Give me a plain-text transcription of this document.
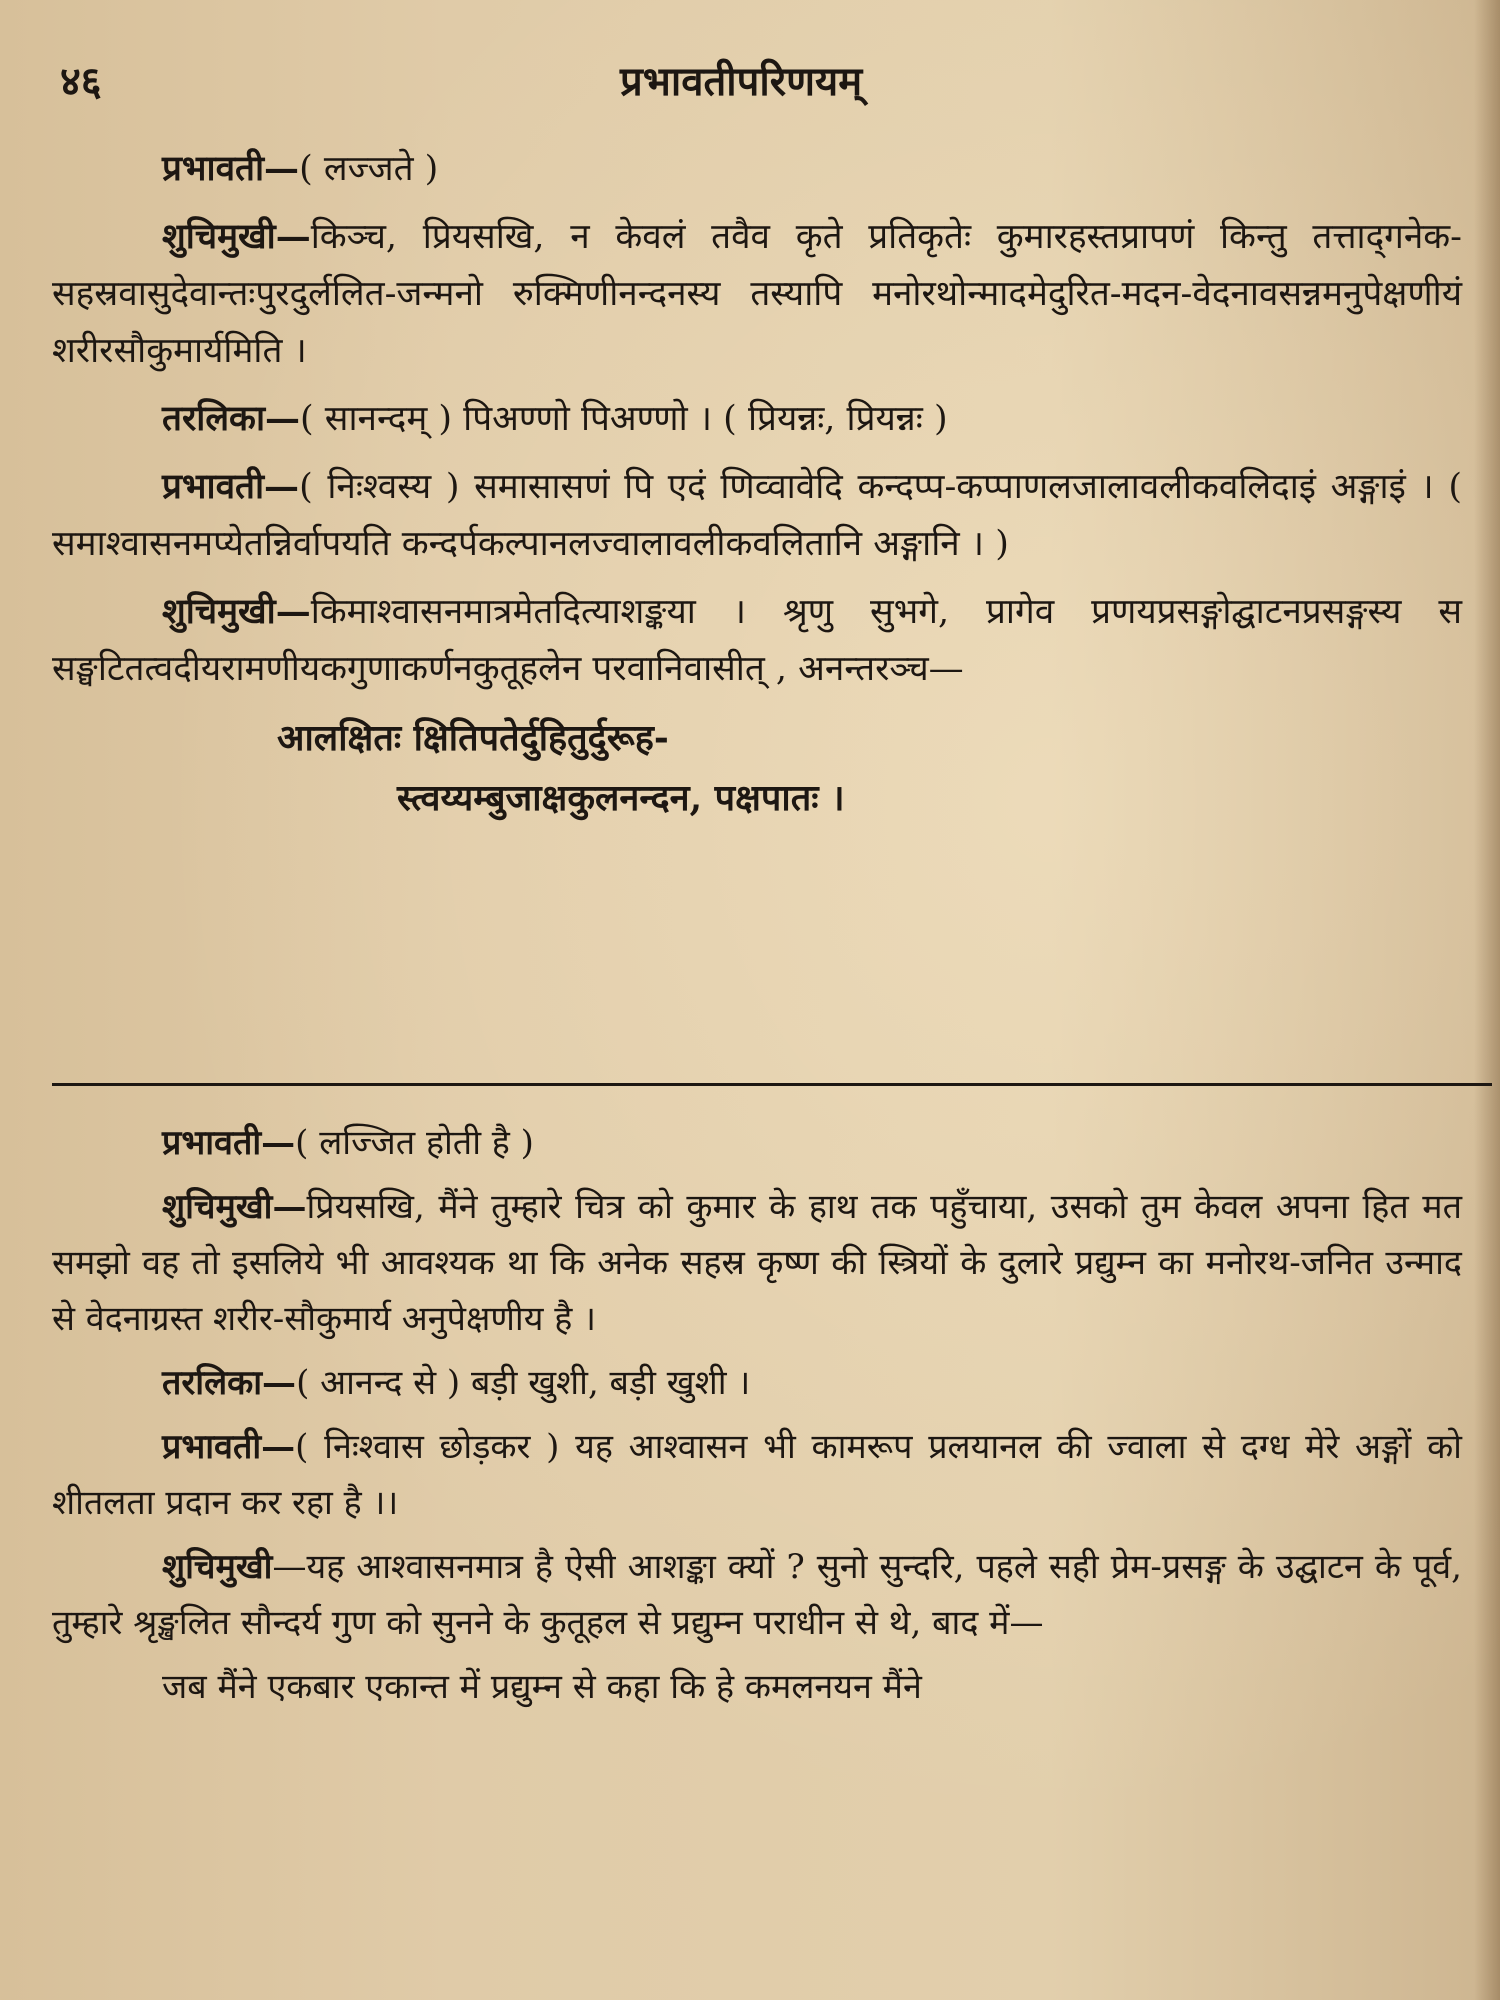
४६	प्रभावतीपरिणयम्

प्रभावती—( लज्जते )

शुचिमुखी—किञ्च, प्रियसखि, न केवलं तवैव कृते प्रतिकृतेः कुमारहस्तप्रापणं किन्तु तत्ताद‍्गनेक-सहस्रवासुदेवान्तःपुरदुर्ललित-जन्मनो रुक्मिणीनन्दनस्य तस्यापि मनोरथोन्मादमेदुरित-मदन-वेदनावसन्नमनुपेक्षणीयं शरीरसौकुमार्यमिति ।

तरलिका—( सानन्दम् ) पिअण्णो पिअण्णो । ( प्रियन्नः, प्रियन्नः )

प्रभावती—( निःश्वस्य ) समासासणं पि एदं णिव्वावेदि कन्दप्प-कप्पाणलजालावलीकवलिदाइं अङ्गाइं । ( समाश्वासनमप्येतन्निर्वापयति कन्दर्पकल्पानलज्वालावलीकवलितानि अङ्गानि । )

शुचिमुखी—किमाश्वासनमात्रमेतदित्याशङ्कया । श्रृणु सुभगे, प्रागेव प्रणयप्रसङ्गोद्घाटनप्रसङ्गस्य स सङ्घटितत्वदीयरामणीयकगुणाकर्णनकुतूहलेन परवानिवासीत् , अनन्तरञ्च—

आलक्षितः क्षितिपतेर्दुहितुर्दुरूह-
स्त्वय्यम्बुजाक्षकुलनन्दन, पक्षपातः ।

प्रभावती—( लज्जित होती है )

शुचिमुखी—प्रियसखि, मैंने तुम्हारे चित्र को कुमार के हाथ तक पहुँचाया, उसको तुम केवल अपना हित मत समझो वह तो इसलिये भी आवश्यक था कि अनेक सहस्र कृष्ण की स्त्रियों के दुलारे प्रद्युम्न का मनोरथ-जनित उन्माद से वेदनाग्रस्त शरीर-सौकुमार्य अनुपेक्षणीय है ।

तरलिका—( आनन्द से ) बड़ी खुशी, बड़ी खुशी ।

प्रभावती—( निःश्वास छोड़कर ) यह आश्वासन भी कामरूप प्रलयानल की ज्वाला से दग्ध मेरे अङ्गों को शीतलता प्रदान कर रहा है ।।

शुचिमुखी—यह आश्वासनमात्र है ऐसी आशङ्का क्यों ? सुनो सुन्दरि, पहले सही प्रेम-प्रसङ्ग के उद्घाटन के पूर्व, तुम्हारे श्रृङ्खलित सौन्दर्य गुण को सुनने के कुतूहल से प्रद्युम्न पराधीन से थे, बाद में—

जब मैंने एकबार एकान्त में प्रद्युम्न से कहा कि हे कमलनयन मैंने
